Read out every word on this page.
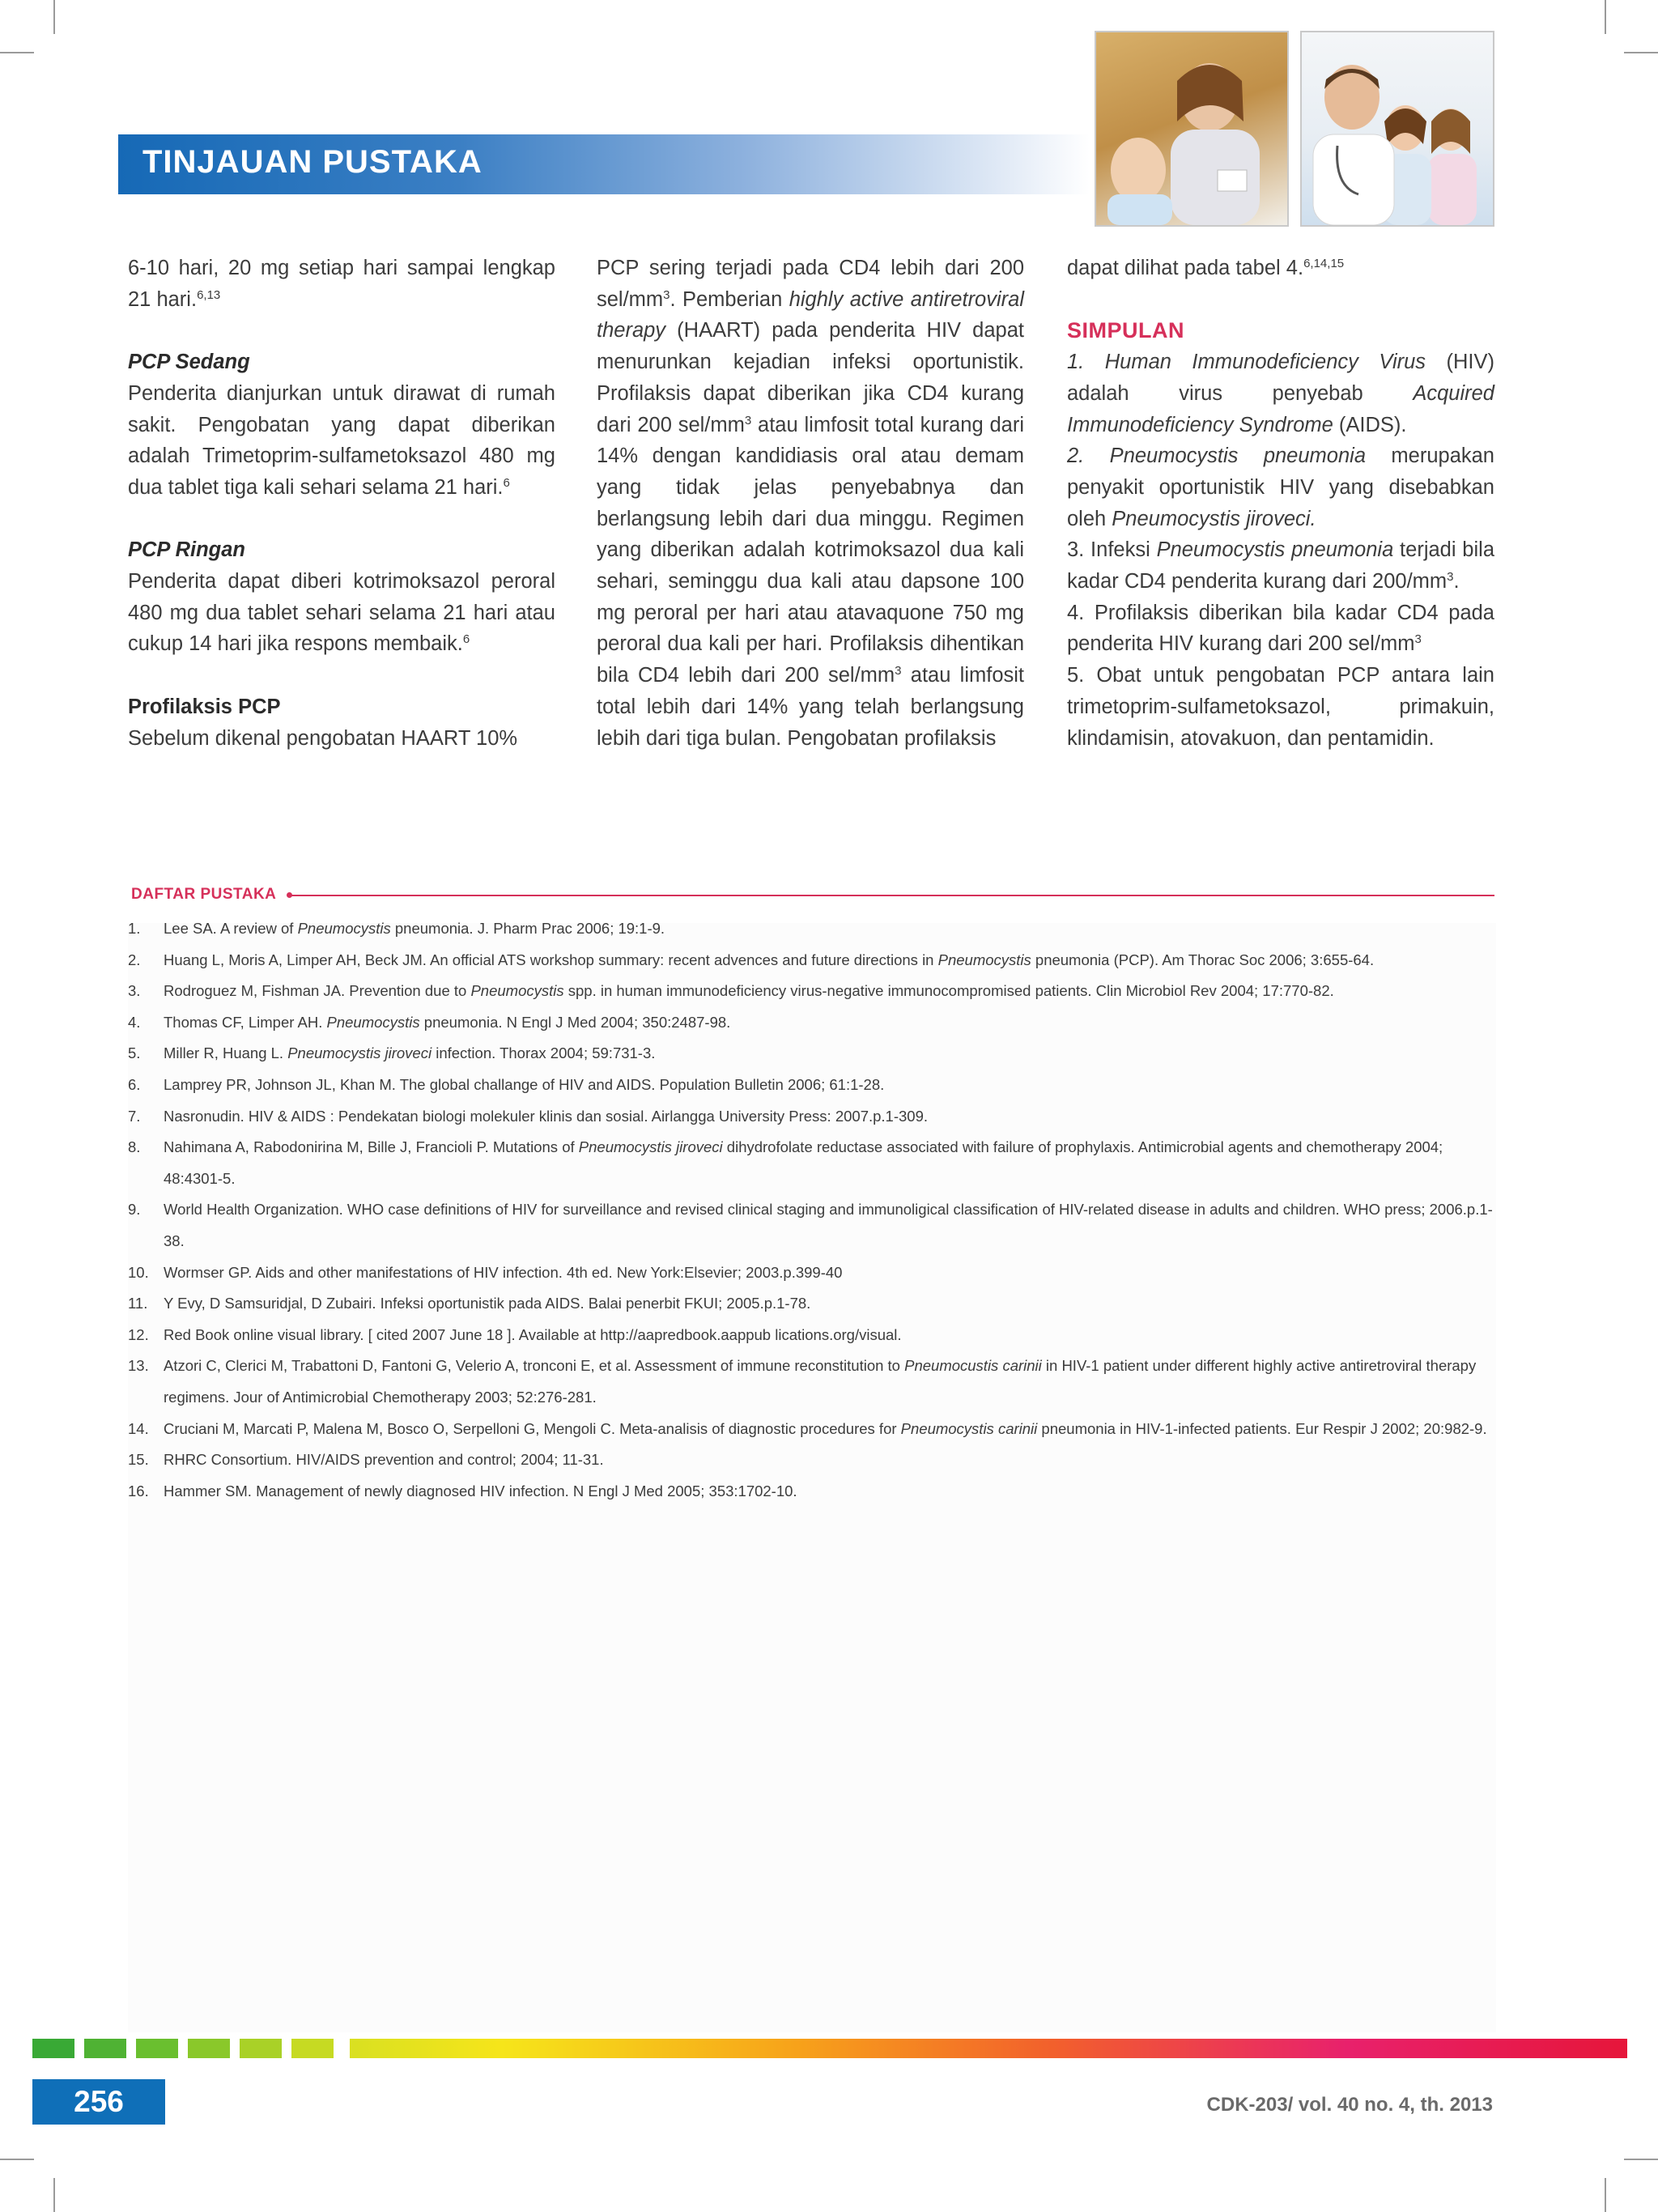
TINJAUAN PUSTAKA

6-10 hari, 20 mg setiap hari sampai lengkap 21 hari.$^{6,13}$

PCP Sedang

Penderita dianjurkan untuk dirawat di rumah sakit. Pengobatan yang dapat diberikan adalah Trimetoprim-sulfametoksazol 480 mg dua tablet tiga kali sehari selama 21 hari.$^6$

PCP Ringan

Penderita dapat diberi kotrimoksazol peroral 480 mg dua tablet sehari selama 21 hari atau cukup 14 hari jika respons membaik.$^6$

Profilaksis PCP

Sebelum dikenal pengobatan HAART 10%

PCP sering terjadi pada CD4 lebih dari 200 sel/$mm^3$. Pemberian highly active antiretroviral therapy (HAART) pada penderita HIV dapat menurunkan kejadian infeksi oportunistik. Profilaksis dapat diberikan jika CD4 kurang dari 200 sel/$mm^3$ atau limfosit total kurang dari 14% dengan kandidiasis oral atau demam yang tidak jelas penyebabnya dan berlangsung lebih dari dua minggu. Regimen yang diberikan adalah kotrimoksazol dua kali sehari, seminggu dua kali atau dapsone 100 mg peroral per hari atau atavaquone 750 mg peroral dua kali per hari. Profilaksis dihentikan bila CD4 lebih dari 200 sel/$mm^3$ atau limfosit total lebih dari 14% yang telah berlangsung lebih dari tiga bulan. Pengobatan profilaksis

dapat dilihat pada tabel 4.$^{6,14,15}$

SIMPULAN

1. Human Immunodeficiency Virus (HIV) adalah virus penyebab Acquired Immunodeficiency Syndrome (AIDS).

2. Pneumocystis pneumonia merupakan penyakit oportunistik HIV yang disebabkan oleh Pneumocystis jiroveci.

3. Infeksi Pneumocystis pneumonia terjadi bila kadar CD4 penderita kurang dari $200/mm^3$.

4. Profilaksis diberikan bila kadar CD4 pada penderita HIV kurang dari 200 sel/$mm^3$

5. Obat untuk pengobatan PCP antara lain trimetoprim-sulfametoksazol, primakuin, klindamisin, atovakuon, dan pentamidin.

DAFTAR PUSTAKA
1. Lee SA. A review of Pneumocystis pneumonia. J. Pharm Prac 2006; 19:1-9.
2. Huang L, Moris A, Limper AH, Beck JM. An official ATS workshop summary: recent advences and future directions in Pneumocystis pneumonia (PCP). Am Thorac Soc 2006; 3:655-64.
3. Rodroguez M, Fishman JA. Prevention due to Pneumocystis spp. in human immunodeficiency virus-negative immunocompromised patients. Clin Microbiol Rev 2004; 17:770-82.
4. Thomas CF, Limper AH. Pneumocystis pneumonia. N Engl J Med 2004; 350:2487-98.
5. Miller R, Huang L. Pneumocystis jiroveci infection. Thorax 2004; 59:731-3.
6. Lamprey PR, Johnson JL, Khan M. The global challange of HIV and AIDS. Population Bulletin 2006; 61:1-28.
7. Nasronudin. HIV & AIDS : Pendekatan biologi molekuler klinis dan sosial. Airlangga University Press: 2007.p.1-309.
8. Nahimana A, Rabodonirina M, Bille J, Francioli P. Mutations of Pneumocystis jiroveci dihydrofolate reductase associated with failure of prophylaxis. Antimicrobial agents and chemotherapy 2004; 48:4301-5.
9. World Health Organization. WHO case definitions of HIV for surveillance and revised clinical staging and immunoligical classification of HIV-related disease in adults and children. WHO press; 2006.p.1-38.
10. Wormser GP. Aids and other manifestations of HIV infection. 4th ed. New York:Elsevier; 2003.p.399-40
11. Y Evy, D Samsuridjal, D Zubairi. Infeksi oportunistik pada AIDS. Balai penerbit FKUI; 2005.p.1-78.
12. Red Book online visual library. [ cited 2007 June 18 ]. Available at http://aapredbook.aappub lications.org/visual.
13. Atzori C, Clerici M, Trabattoni D, Fantoni G, Velerio A, tronconi E, et al. Assessment of immune reconstitution to Pneumocustis carinii in HIV-1 patient under different highly active antiretroviral therapy regimens. Jour of Antimicrobial Chemotherapy 2003; 52:276-281.
14. Cruciani M, Marcati P, Malena M, Bosco O, Serpelloni G, Mengoli C. Meta-analisis of diagnostic procedures for Pneumocystis carinii pneumonia in HIV-1-infected patients. Eur Respir J 2002; 20:982-9.
15. RHRC Consortium. HIV/AIDS prevention and control; 2004; 11-31.
16. Hammer SM. Management of newly diagnosed HIV infection. N Engl J Med 2005; 353:1702-10.
256	CDK-203/ vol. 40 no. 4, th. 2013
